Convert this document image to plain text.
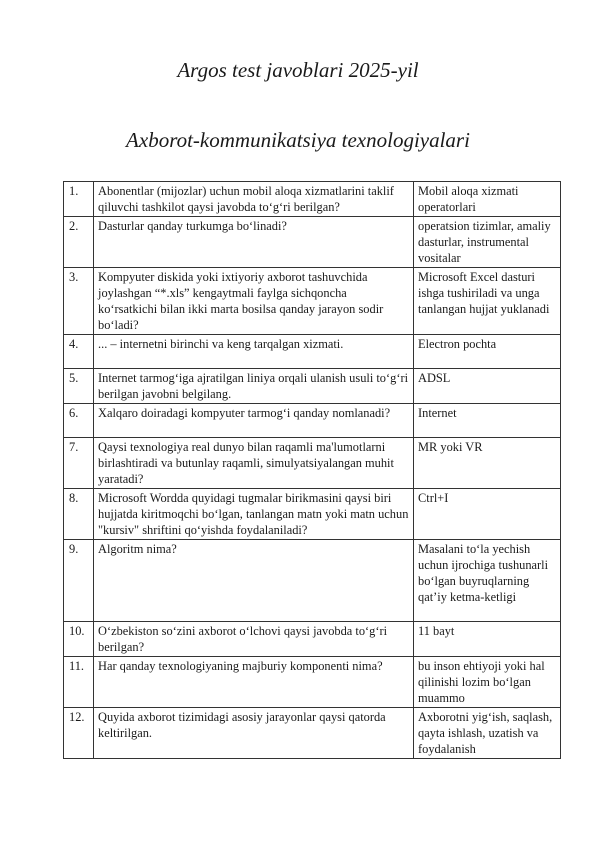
Argos test javoblari 2025-yil
Axborot-kommunikatsiya texnologiyalari
1.	Abonentlar (mijozlar) uchun mobil aloqa xizmatlarini taklif qiluvchi tashkilot qaysi javobda to‘g‘ri berilgan?	Mobil aloqa xizmati operatorlari
2.	Dasturlar qanday turkumga bo‘linadi?	operatsion tizimlar, amaliy dasturlar, instrumental vositalar
3.	Kompyuter diskida yoki ixtiyoriy axborot tashuvchida joylashgan “*.xls” kengaytmali faylga sichqoncha ko‘rsatkichi bilan ikki marta bosilsa qanday jarayon sodir bo‘ladi?	Microsoft Excel dasturi ishga tushiriladi va unga tanlangan hujjat yuklanadi
4.	... – internetni birinchi va keng tarqalgan xizmati.	Electron pochta
5.	Internet tarmog‘iga ajratilgan liniya orqali ulanish usuli to‘g‘ri berilgan javobni belgilang.	ADSL
6.	Xalqaro doiradagi kompyuter tarmog‘i qanday nomlanadi?	Internet
7.	Qaysi texnologiya real dunyo bilan raqamli ma'lumotlarni birlashtiradi va butunlay raqamli, simulyatsiyalangan muhit yaratadi?	MR yoki VR
8.	Microsoft Wordda quyidagi tugmalar birikmasini qaysi biri hujjatda kiritmoqchi bo‘lgan, tanlangan matn yoki matn uchun "kursiv" shriftini qo‘yishda foydalaniladi?	Ctrl+I
9.	Algoritm nima?	Masalani to‘la yechish uchun ijrochiga tushunarli bo‘lgan buyruqlarning qat’iy ketma-ketligi
10.	O‘zbekiston so‘zini axborot o‘lchovi qaysi javobda to‘g‘ri berilgan?	11 bayt
11.	Har qanday texnologiyaning majburiy komponenti nima?	bu inson ehtiyoji yoki hal qilinishi lozim bo‘lgan muammo
12.	Quyida axborot tizimidagi asosiy jarayonlar qaysi qatorda keltirilgan.	Axborotni yig‘ish, saqlash, qayta ishlash, uzatish va foydalanish
